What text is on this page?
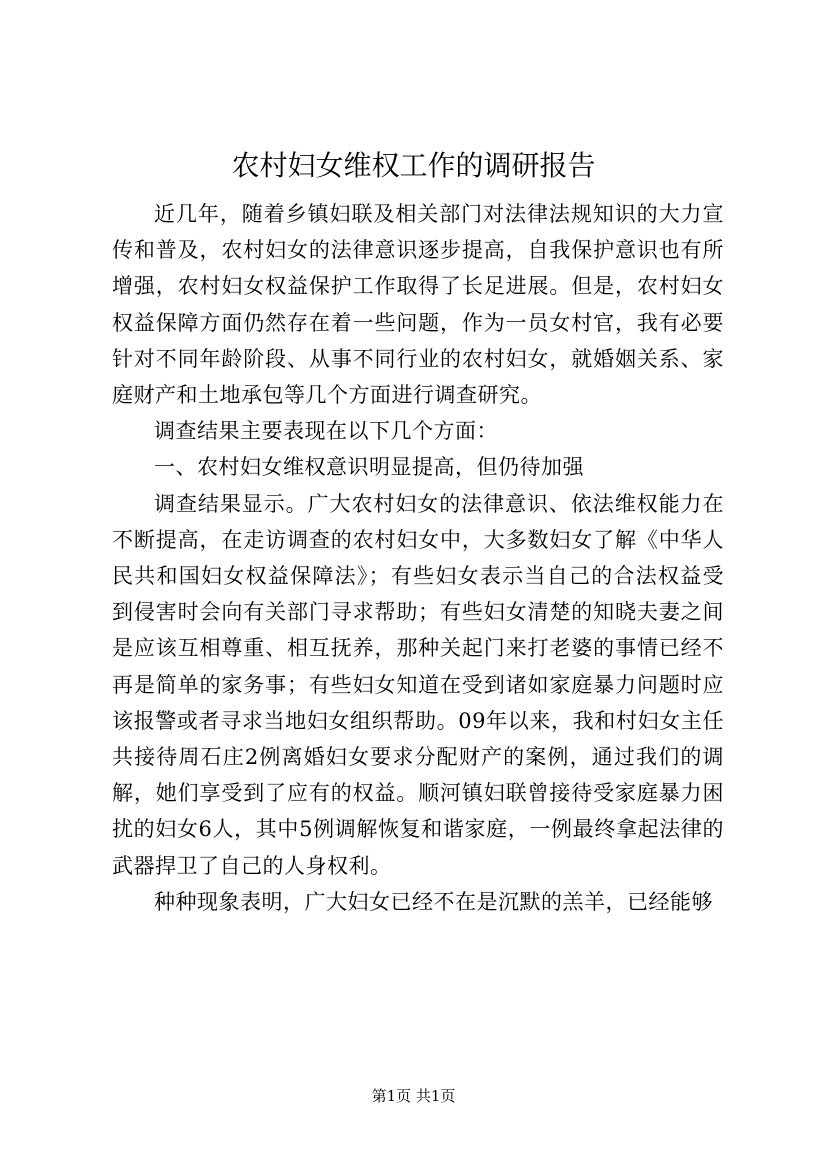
农村妇女维权工作的调研报告

近几年，随着乡镇妇联及相关部门对法律法规知识的大力宣传和普及，农村妇女的法律意识逐步提高，自我保护意识也有所增强，农村妇女权益保护工作取得了长足进展。但是，农村妇女权益保障方面仍然存在着一些问题，作为一员女村官，我有必要针对不同年龄阶段、从事不同行业的农村妇女，就婚姻关系、家庭财产和土地承包等几个方面进行调查研究。

调查结果主要表现在以下几个方面：

一、农村妇女维权意识明显提高，但仍待加强

调查结果显示。广大农村妇女的法律意识、依法维权能力在不断提高，在走访调查的农村妇女中，大多数妇女了解《中华人民共和国妇女权益保障法》；有些妇女表示当自己的合法权益受到侵害时会向有关部门寻求帮助；有些妇女清楚的知晓夫妻之间是应该互相尊重、相互抚养，那种关起门来打老婆的事情已经不再是简单的家务事；有些妇女知道在受到诸如家庭暴力问题时应该报警或者寻求当地妇女组织帮助。09年以来，我和村妇女主任共接待周石庄2例离婚妇女要求分配财产的案例，通过我们的调解，她们享受到了应有的权益。顺河镇妇联曾接待受家庭暴力困扰的妇女6人，其中5例调解恢复和谐家庭，一例最终拿起法律的武器捍卫了自己的人身权利。

种种现象表明，广大妇女已经不在是沉默的羔羊，已经能够

第1页 共1页
